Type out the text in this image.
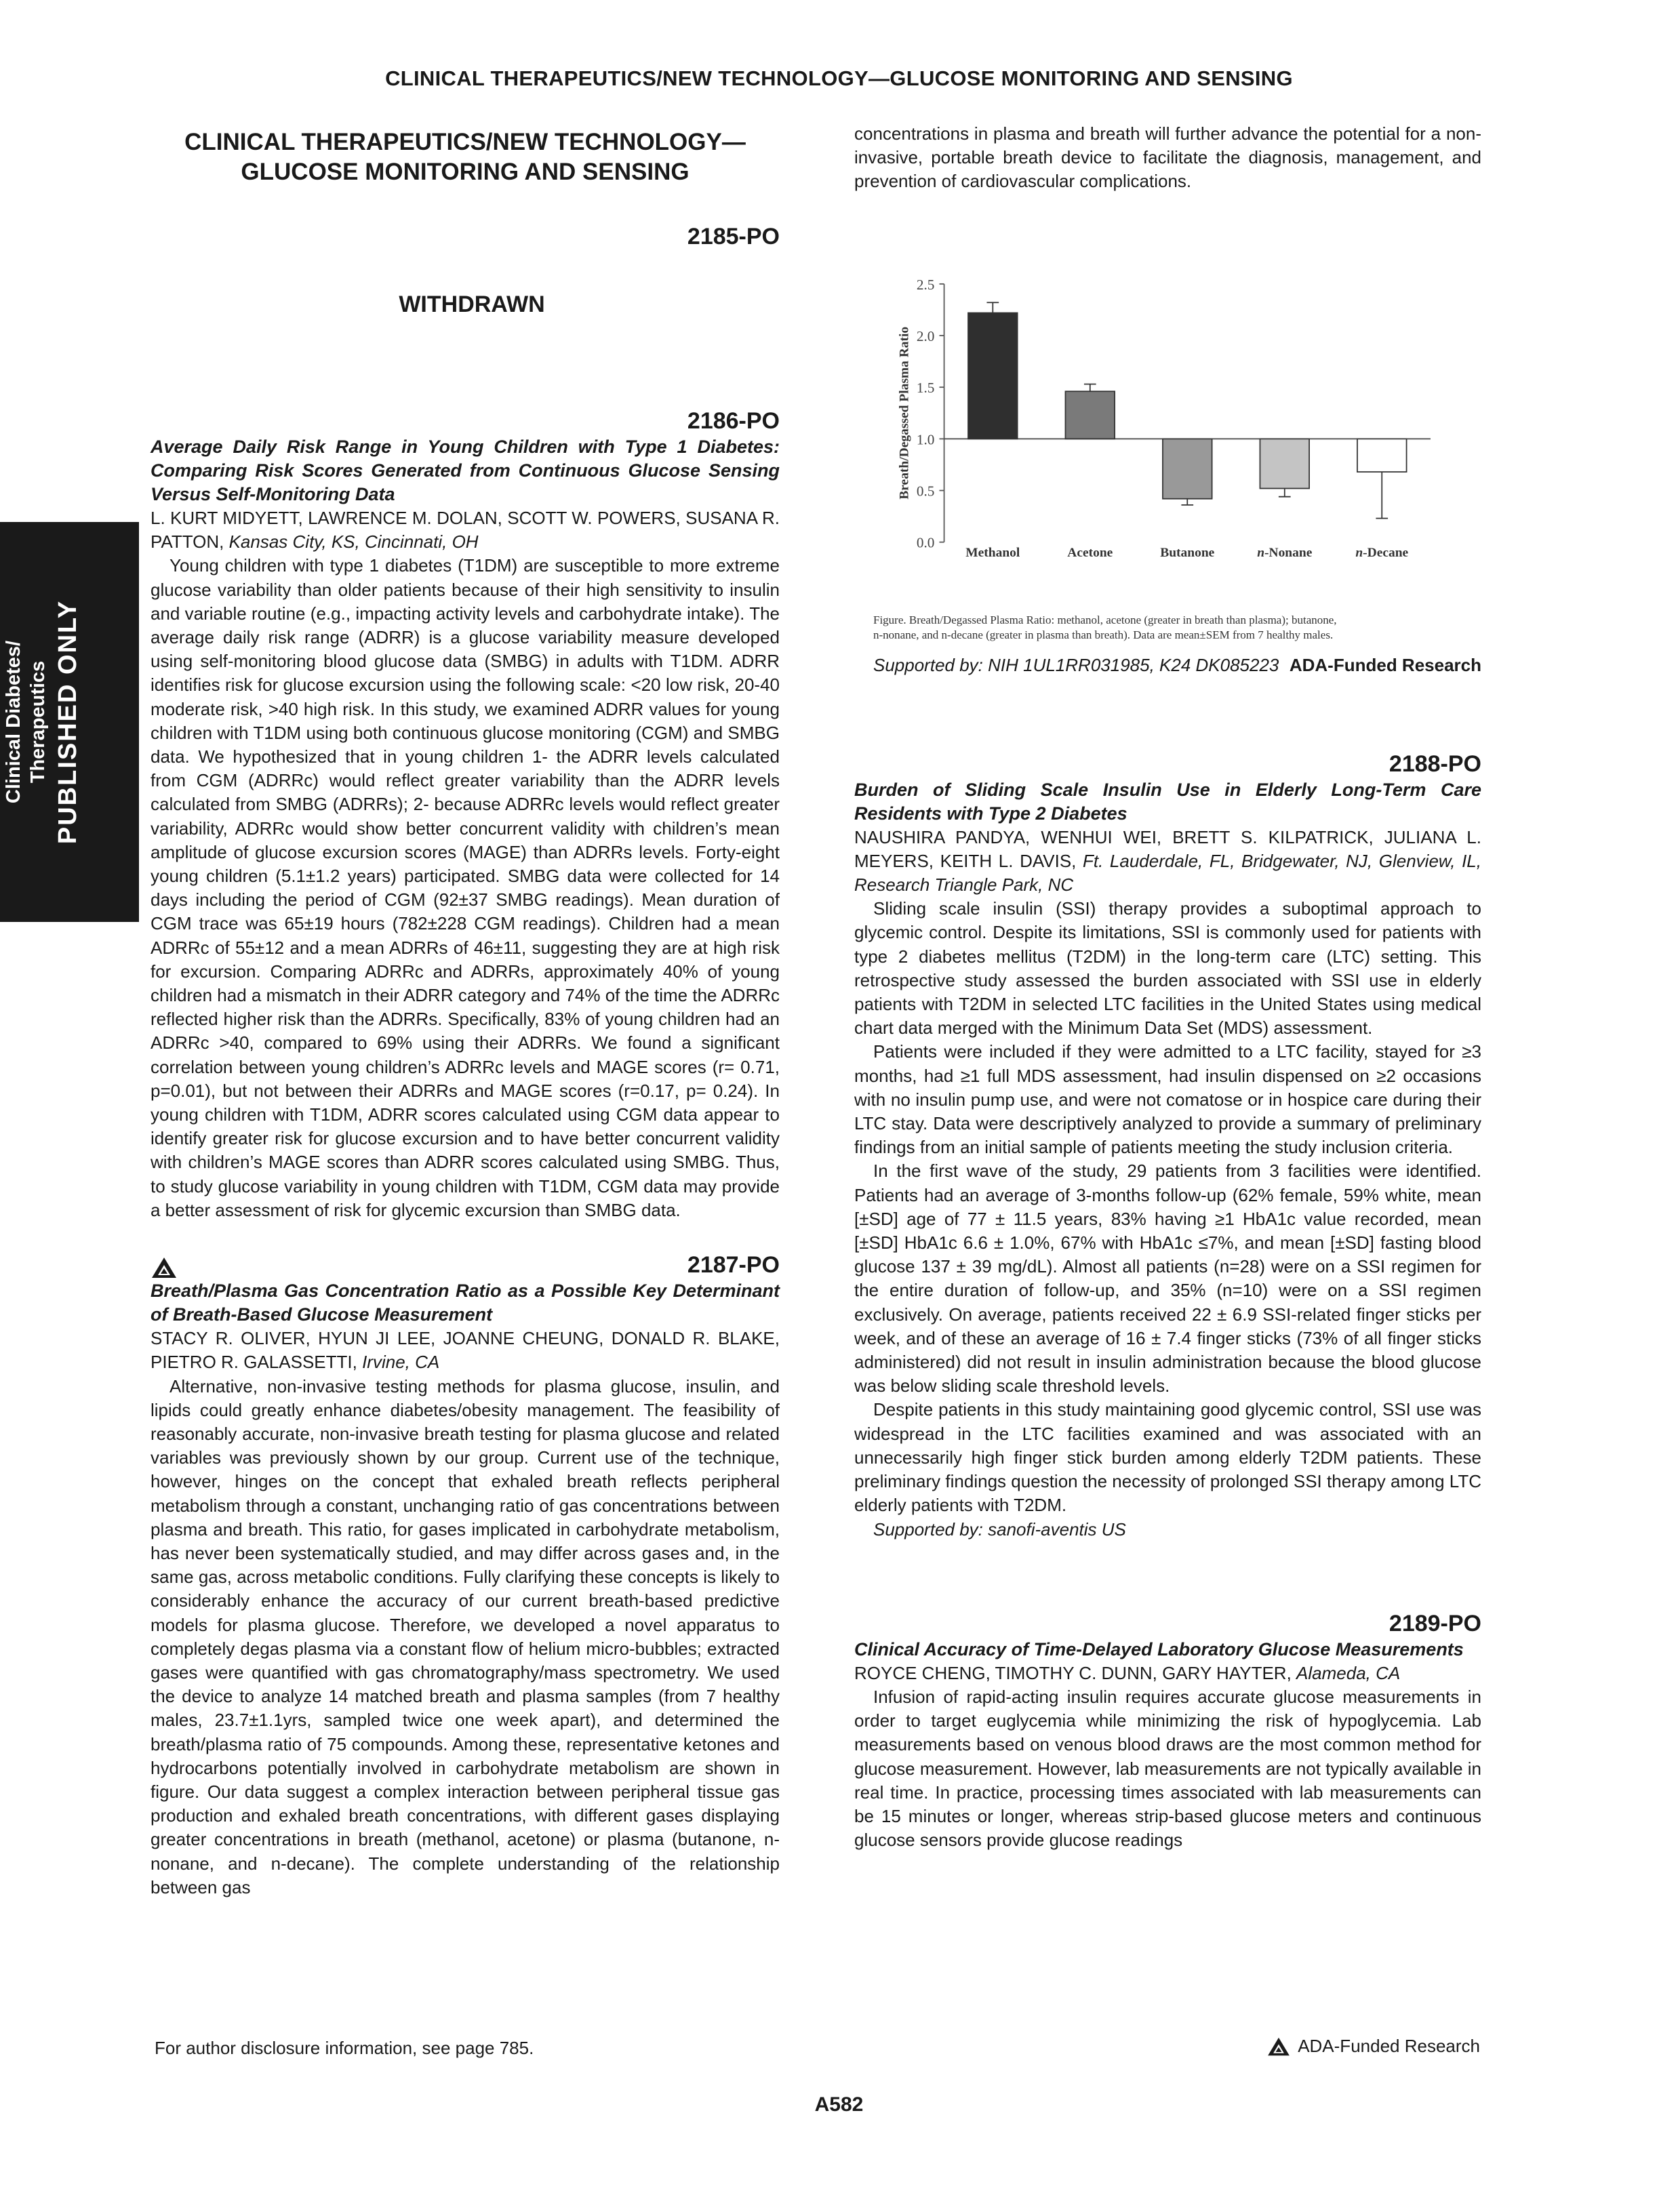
CLINICAL THERAPEUTICS/NEW TECHNOLOGY—GLUCOSE MONITORING AND SENSING
Clinical Diabetes/ Therapeutics PUBLISHED ONLY
CLINICAL THERAPEUTICS/NEW TECHNOLOGY—
GLUCOSE MONITORING AND SENSING
2185-PO
WITHDRAWN
2186-PO
Average Daily Risk Range in Young Children with Type 1 Diabetes: Comparing Risk Scores Generated from Continuous Glucose Sensing Versus Self-Monitoring Data

L. KURT MIDYETT, LAWRENCE M. DOLAN, SCOTT W. POWERS, SUSANA R. PATTON, Kansas City, KS, Cincinnati, OH

Young children with type 1 diabetes (T1DM) are susceptible to more extreme glucose variability than older patients because of their high sensitivity to insulin and variable routine (e.g., impacting activity levels and carbohydrate intake). The average daily risk range (ADRR) is a glucose variability measure developed using self-monitoring blood glucose data (SMBG) in adults with T1DM. ADRR identifies risk for glucose excursion using the following scale: <20 low risk, 20-40 moderate risk, >40 high risk. In this study, we examined ADRR values for young children with T1DM using both continuous glucose monitoring (CGM) and SMBG data. We hypothesized that in young children 1- the ADRR levels calculated from CGM (ADRRc) would reflect greater variability than the ADRR levels calculated from SMBG (ADRRs); 2- because ADRRc levels would reflect greater variability, ADRRc would show better concurrent validity with children’s mean amplitude of glucose excursion scores (MAGE) than ADRRs levels. Forty-eight young children (5.1±1.2 years) participated. SMBG data were collected for 14 days including the period of CGM (92±37 SMBG readings). Mean duration of CGM trace was 65±19 hours (782±228 CGM readings). Children had a mean ADRRc of 55±12 and a mean ADRRs of 46±11, suggesting they are at high risk for excursion. Comparing ADRRc and ADRRs, approximately 40% of young children had a mismatch in their ADRR category and 74% of the time the ADRRc reflected higher risk than the ADRRs. Specifically, 83% of young children had an ADRRc >40, compared to 69% using their ADRRs. We found a significant correlation between young children’s ADRRc levels and MAGE scores (r= 0.71, p=0.01), but not between their ADRRs and MAGE scores (r=0.17, p= 0.24). In young children with T1DM, ADRR scores calculated using CGM data appear to identify greater risk for glucose excursion and to have better concurrent validity with children’s MAGE scores than ADRR scores calculated using SMBG. Thus, to study glucose variability in young children with T1DM, CGM data may provide a better assessment of risk for glycemic excursion than SMBG data.

2187-PO
Breath/Plasma Gas Concentration Ratio as a Possible Key Determinant of Breath-Based Glucose Measurement

STACY R. OLIVER, HYUN JI LEE, JOANNE CHEUNG, DONALD R. BLAKE, PIETRO R. GALASSETTI, Irvine, CA

Alternative, non-invasive testing methods for plasma glucose, insulin, and lipids could greatly enhance diabetes/obesity management. The feasibility of reasonably accurate, non-invasive breath testing for plasma glucose and related variables was previously shown by our group. Current use of the technique, however, hinges on the concept that exhaled breath reflects peripheral metabolism through a constant, unchanging ratio of gas concentrations between plasma and breath. This ratio, for gases implicated in carbohydrate metabolism, has never been systematically studied, and may differ across gases and, in the same gas, across metabolic conditions. Fully clarifying these concepts is likely to considerably enhance the accuracy of our current breath-based predictive models for plasma glucose. Therefore, we developed a novel apparatus to completely degas plasma via a constant flow of helium micro-bubbles; extracted gases were quantified with gas chromatography/mass spectrometry. We used the device to analyze 14 matched breath and plasma samples (from 7 healthy males, 23.7±1.1yrs, sampled twice one week apart), and determined the breath/plasma ratio of 75 compounds. Among these, representative ketones and hydrocarbons potentially involved in carbohydrate metabolism are shown in figure. Our data suggest a complex interaction between peripheral tissue gas production and exhaled breath concentrations, with different gases displaying greater concentrations in breath (methanol, acetone) or plasma (butanone, n-nonane, and n-decane). The complete understanding of the relationship between gas

concentrations in plasma and breath will further advance the potential for a non-invasive, portable breath device to facilitate the diagnosis, management, and prevention of cardiovascular complications.

0.0
0.5
1.0
1.5
2.0
2.5
Breath/Degassed Plasma Ratio
Methanol	Acetone	Butanone	n-Nonane	n-Decane
Figure. Breath/Degassed Plasma Ratio: methanol, acetone (greater in breath than plasma); butanone, n-nonane, and n-decane (greater in plasma than breath). Data are mean±SEM from 7 healthy males.
Supported by: NIH 1UL1RR031985, K24 DK085223 ADA-Funded Research
2188-PO
Burden of Sliding Scale Insulin Use in Elderly Long-Term Care Residents with Type 2 Diabetes

NAUSHIRA PANDYA, WENHUI WEI, BRETT S. KILPATRICK, JULIANA L. MEYERS, KEITH L. DAVIS, Ft. Lauderdale, FL, Bridgewater, NJ, Glenview, IL, Research Triangle Park, NC

Sliding scale insulin (SSI) therapy provides a suboptimal approach to glycemic control. Despite its limitations, SSI is commonly used for patients with type 2 diabetes mellitus (T2DM) in the long-term care (LTC) setting. This retrospective study assessed the burden associated with SSI use in elderly patients with T2DM in selected LTC facilities in the United States using medical chart data merged with the Minimum Data Set (MDS) assessment.

Patients were included if they were admitted to a LTC facility, stayed for ≥3 months, had ≥1 full MDS assessment, had insulin dispensed on ≥2 occasions with no insulin pump use, and were not comatose or in hospice care during their LTC stay. Data were descriptively analyzed to provide a summary of preliminary findings from an initial sample of patients meeting the study inclusion criteria.

In the first wave of the study, 29 patients from 3 facilities were identified. Patients had an average of 3-months follow-up (62% female, 59% white, mean [±SD] age of 77 ± 11.5 years, 83% having ≥1 HbA1c value recorded, mean [±SD] HbA1c 6.6 ± 1.0%, 67% with HbA1c ≤7%, and mean [±SD] fasting blood glucose 137 ± 39 mg/dL). Almost all patients (n=28) were on a SSI regimen for the entire duration of follow-up, and 35% (n=10) were on a SSI regimen exclusively. On average, patients received 22 ± 6.9 SSI-related finger sticks per week, and of these an average of 16 ± 7.4 finger sticks (73% of all finger sticks administered) did not result in insulin administration because the blood glucose was below sliding scale threshold levels.

Despite patients in this study maintaining good glycemic control, SSI use was widespread in the LTC facilities examined and was associated with an unnecessarily high finger stick burden among elderly T2DM patients. These preliminary findings question the necessity of prolonged SSI therapy among LTC elderly patients with T2DM.

Supported by: sanofi-aventis US

2189-PO
Clinical Accuracy of Time-Delayed Laboratory Glucose Measurements

ROYCE CHENG, TIMOTHY C. DUNN, GARY HAYTER, Alameda, CA

Infusion of rapid-acting insulin requires accurate glucose measurements in order to target euglycemia while minimizing the risk of hypoglycemia. Lab measurements based on venous blood draws are the most common method for glucose measurement. However, lab measurements are not typically available in real time. In practice, processing times associated with lab measurements can be 15 minutes or longer, whereas strip-based glucose meters and continuous glucose sensors provide glucose readings

For author disclosure information, see page 785.	ADA-Funded Research
A582
